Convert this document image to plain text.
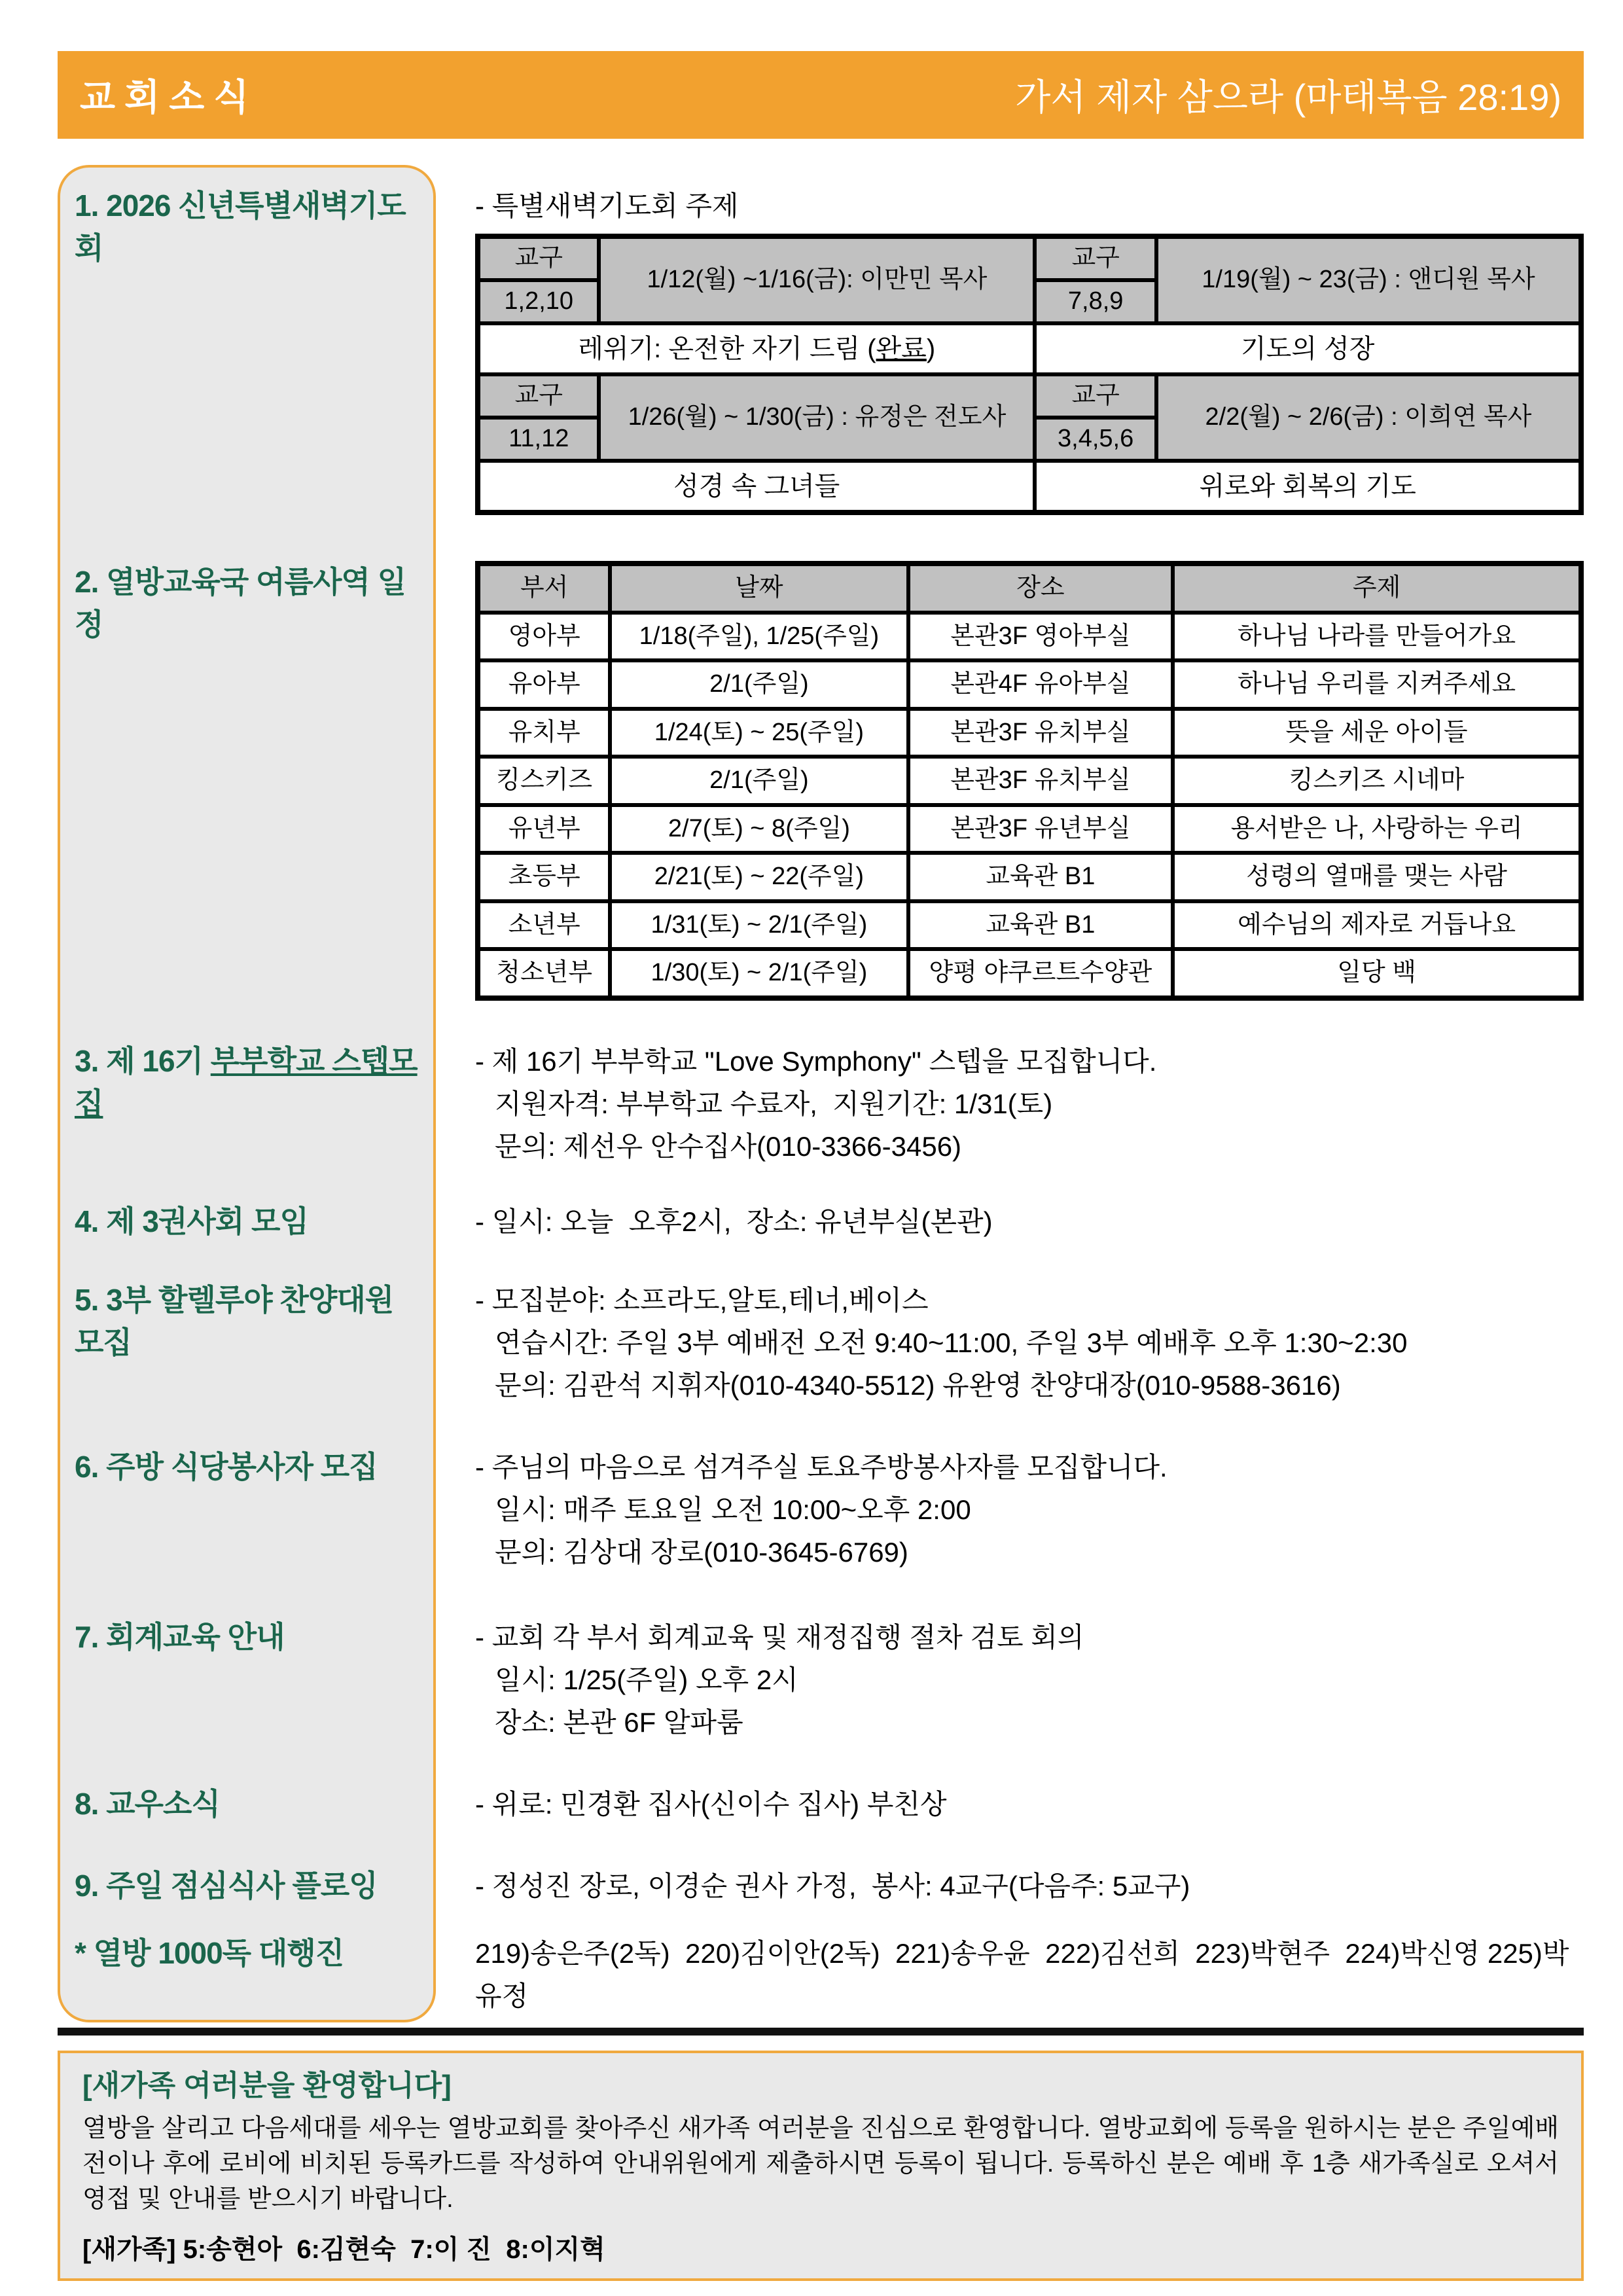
교회소식	가서 제자 삼으라 (마태복음 28:19)
1. 2026 신년특별새벽기도회
- 특별새벽기도회 주제
교구	1/12(월) ~1/16(금): 이만민 목사	교구	1/19(월) ~ 23(금) : 앤디원 목사
1,2,10		7,8,9	
레위기: 온전한 자기 드림 (완료)		기도의 성장	
교구	1/26(월) ~ 1/30(금) : 유정은 전도사	교구	2/2(월) ~ 2/6(금) : 이희연 목사
11,12		3,4,5,6	
성경 속 그녀들		위로와 회복의 기도	
2. 열방교육국 여름사역 일정
부서	날짜	장소	주제
영아부	1/18(주일), 1/25(주일)	본관3F 영아부실	하나님 나라를 만들어가요
유아부	2/1(주일)	본관4F 유아부실	하나님 우리를 지켜주세요
유치부	1/24(토) ~ 25(주일)	본관3F 유치부실	뜻을 세운 아이들
킹스키즈	2/1(주일)	본관3F 유치부실	킹스키즈 시네마
유년부	2/7(토) ~ 8(주일)	본관3F 유년부실	용서받은 나, 사랑하는 우리
초등부	2/21(토) ~ 22(주일)	교육관 B1	성령의 열매를 맺는 사람
소년부	1/31(토) ~ 2/1(주일)	교육관 B1	예수님의 제자로 거듭나요
청소년부	1/30(토) ~ 2/1(주일)	양평 야쿠르트수양관	일당 백
3. 제 16기 부부학교 스텝모집
- 제 16기 부부학교 "Love Symphony" 스텝을 모집합니다.
지원자격: 부부학교 수료자,  지원기간: 1/31(토)
문의: 제선우 안수집사(010-3366-3456)
4. 제 3권사회 모임	- 일시: 오늘  오후2시,  장소: 유년부실(본관)
5. 3부 할렐루야 찬양대원 모집
- 모집분야: 소프라도,알토,테너,베이스
연습시간: 주일 3부 예배전 오전 9:40~11:00, 주일 3부 예배후 오후 1:30~2:30
문의: 김관석 지휘자(010-4340-5512) 유완영 찬양대장(010-9588-3616)
6. 주방 식당봉사자 모집	- 주님의 마음으로 섬겨주실 토요주방봉사자를 모집합니다.
일시: 매주 토요일 오전 10:00~오후 2:00
문의: 김상대 장로(010-3645-6769)
7. 회계교육 안내	- 교회 각 부서 회계교육 및 재정집행 절차 검토 회의
일시: 1/25(주일) 오후 2시
장소: 본관 6F 알파룸
8. 교우소식	- 위로: 민경환 집사(신이수 집사) 부친상
9. 주일 점심식사 플로잉	- 정성진 장로, 이경순 권사 가정,  봉사: 4교구(다음주: 5교구)
* 열방 1000독 대행진	219)송은주(2독)  220)김이안(2독)  221)송우윤  222)김선희  223)박현주  224)박신영 225)박유정
[새가족 여러분을 환영합니다]
열방을 살리고 다음세대를 세우는 열방교회를 찾아주신 새가족 여러분을 진심으로 환영합니다. 열방교회에 등록을 원하시는 분은 주일예배 전이나 후에 로비에 비치된 등록카드를 작성하여 안내위원에게 제출하시면 등록이 됩니다. 등록하신 분은 예배 후 1층 새가족실로 오셔서 영접 및 안내를 받으시기 바랍니다.
[새가족] 5:송현아  6:김현숙  7:이 진  8:이지혁
